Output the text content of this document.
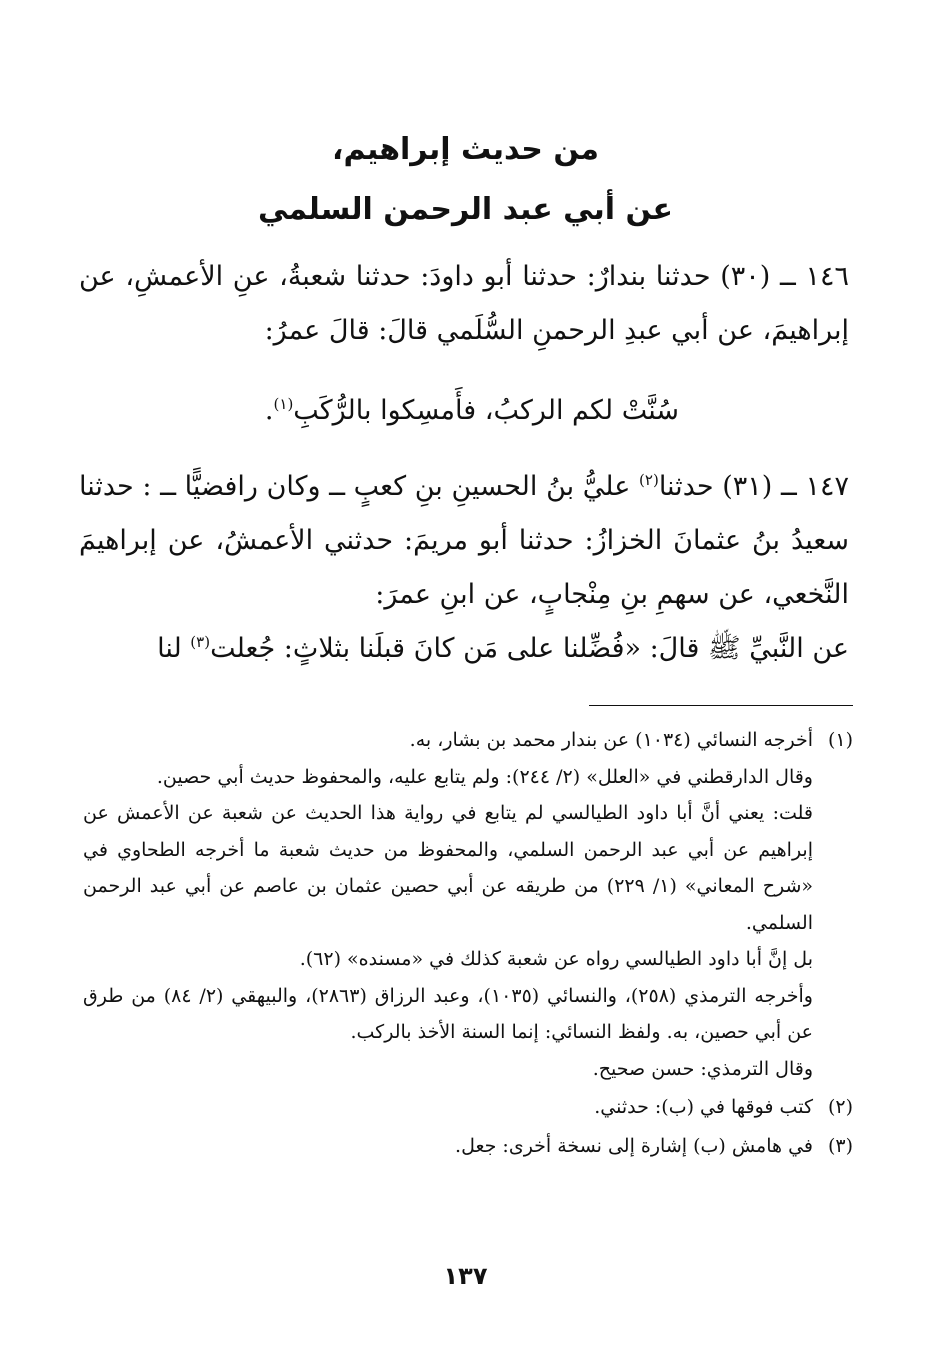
من حديث إبراهيم،
عن أبي عبد الرحمن السلمي

١٤٦ ــ (٣٠) حدثنا بندارٌ: حدثنا أبو داودَ: حدثنا شعبةُ، عنِ الأعمشِ، عن إبراهيمَ، عن أبي عبدِ الرحمنِ السُّلَمي قالَ: قالَ عمرُ:

سُنَّتْ لكم الركبُ، فأَمسِكوا بالرُّكَبِ$^{(١)}$.

١٤٧ ــ (٣١) حدثنا$^{(٢)}$ عليُّ بنُ الحسينِ بنِ كعبٍ ــ وكان رافضيًّا ــ : حدثنا سعيدُ بنُ عثمانَ الخزازُ: حدثنا أبو مريمَ: حدثني الأعمشُ، عن إبراهيمَ النَّخعي، عن سهمِ بنِ مِنْجابٍ، عن ابنِ عمرَ:

عن النَّبيِّ ﷺ قالَ: «فُضِّلنا على مَن كانَ قبلَنا بثلاثٍ: جُعلت$^{(٣)}$ لنا

(١)

أخرجه النسائي (١٠٣٤) عن بندار محمد بن بشار، به.

وقال الدارقطني في «العلل» (٢/ ٢٤٤): ولم يتابع عليه، والمحفوظ حديث أبي حصين.

قلت: يعني أنَّ أبا داود الطيالسي لم يتابع في رواية هذا الحديث عن شعبة عن الأعمش عن إبراهيم عن أبي عبد الرحمن السلمي، والمحفوظ من حديث شعبة ما أخرجه الطحاوي في «شرح المعاني» (١/ ٢٢٩) من طريقه عن أبي حصين عثمان بن عاصم عن أبي عبد الرحمن السلمي.

بل إنَّ أبا داود الطيالسي رواه عن شعبة كذلك في «مسنده» (٦٢).

وأخرجه الترمذي (٢٥٨)، والنسائي (١٠٣٥)، وعبد الرزاق (٢٨٦٣)، والبيهقي (٢/ ٨٤) من طرق عن أبي حصين، به. ولفظ النسائي: إنما السنة الأخذ بالركب.

وقال الترمذي: حسن صحيح.

(٢)

كتب فوقها في (ب): حدثني.

(٣)

في هامش (ب) إشارة إلى نسخة أخرى: جعل.

١٣٧
